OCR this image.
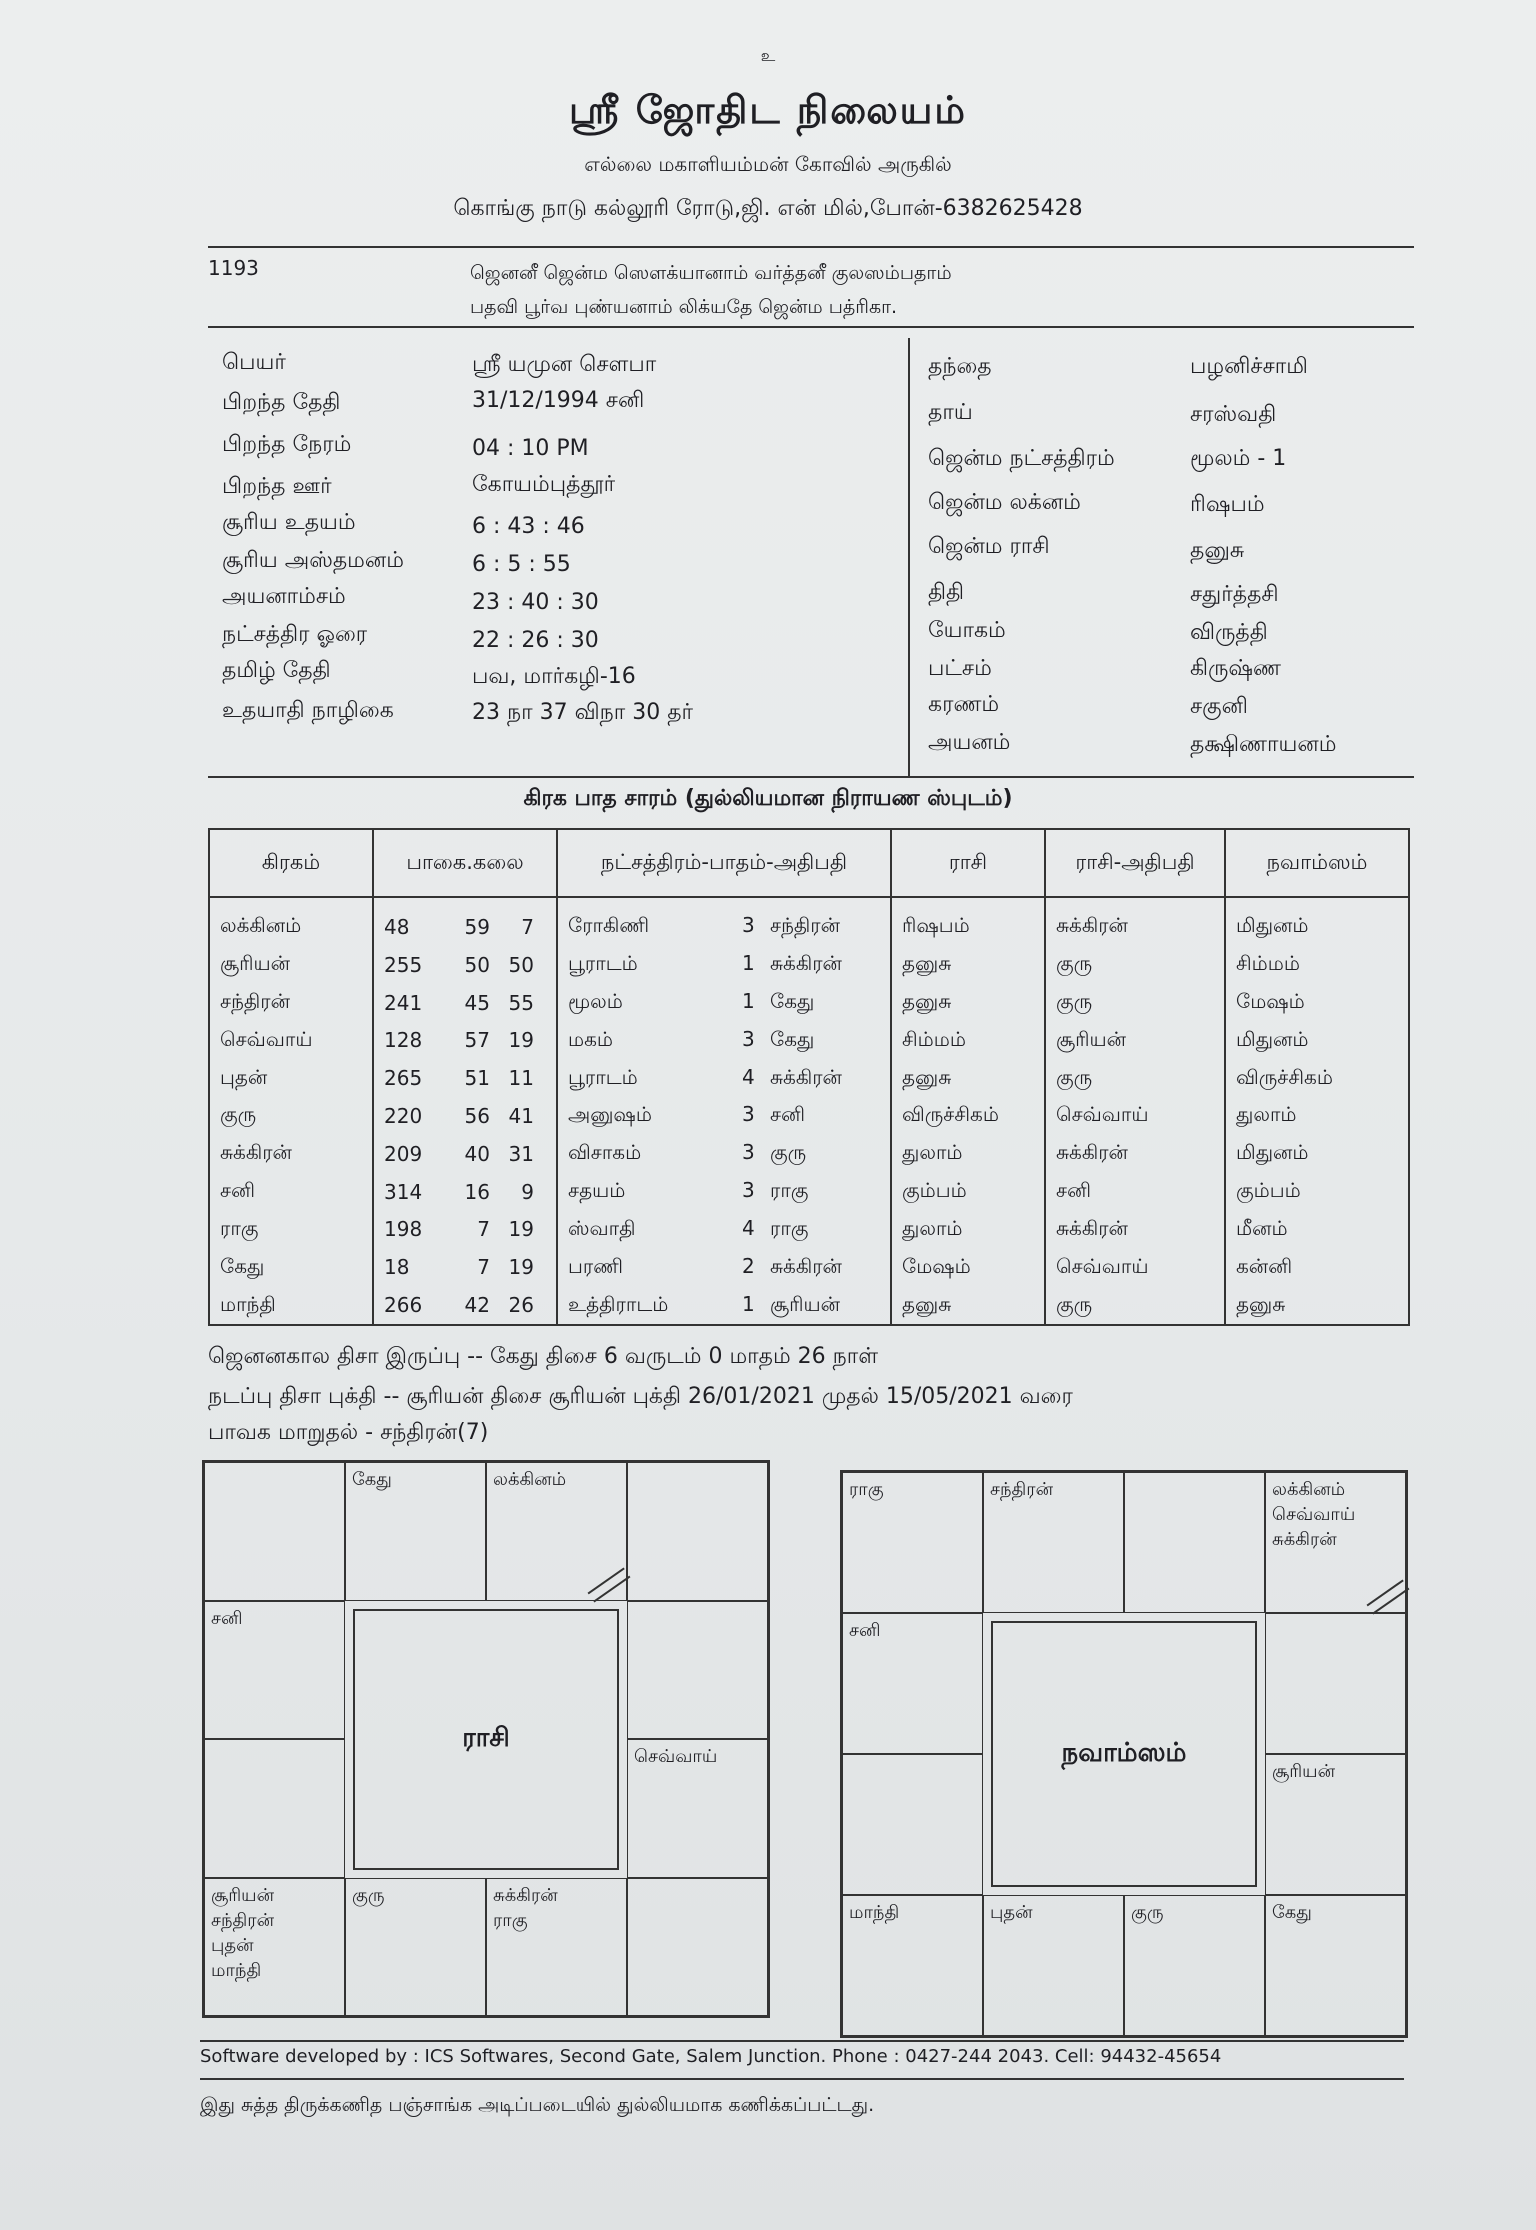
உ
ஸ்ரீ ஜோதிட நிலையம்
எல்லை மகாளியம்மன் கோவில் அருகில்
கொங்கு நாடு கல்லூரி ரோடு,ஜி. என் மில்,போன்-6382625428
1193	ஜெனனீ ஜென்ம ஸௌக்யானாம் வர்த்தனீ குலஸம்பதாம்
பதவி பூர்வ புண்யனாம் லிக்யதே ஜென்ம பத்ரிகா.
பெயர்	ஸ்ரீ யமுன சௌபா
பிறந்த தேதி	31/12/1994 சனி
பிறந்த நேரம்	04 : 10 PM
பிறந்த ஊர்	கோயம்புத்தூர்
சூரிய உதயம்	6 : 43 : 46
சூரிய அஸ்தமனம்	6 : 5 : 55
அயனாம்சம்	23 : 40 : 30
நட்சத்திர ஓரை	22 : 26 : 30
தமிழ் தேதி	பவ, மார்கழி-16
உதயாதி நாழிகை	23 நா 37 விநா 30 தர்
தந்தை	பழனிச்சாமி
தாய்	சரஸ்வதி
ஜென்ம நட்சத்திரம்	மூலம் - 1
ஜென்ம லக்னம்	ரிஷபம்
ஜென்ம ராசி	தனுசு
திதி	சதுர்த்தசி
யோகம்	விருத்தி
பட்சம்	கிருஷ்ண
கரணம்	சகுனி
அயனம்	தக்ஷிணாயனம்
கிரக பாத சாரம் (துல்லியமான நிராயண ஸ்புடம்)
கிரகம்	பாகை.கலை	நட்சத்திரம்-பாதம்-அதிபதி	ராசி	ராசி-அதிபதி	நவாம்ஸம்
லக்கினம்	48 59 7	ரோகிணி 3 சந்திரன்	ரிஷபம்	சுக்கிரன்	மிதுனம்
சூரியன்	255 50 50	பூராடம் 1 சுக்கிரன்	தனுசு	குரு	சிம்மம்
சந்திரன்	241 45 55	மூலம் 1 கேது	தனுசு	குரு	மேஷம்
செவ்வாய்	128 57 19	மகம் 3 கேது	சிம்மம்	சூரியன்	மிதுனம்
புதன்	265 51 11	பூராடம் 4 சுக்கிரன்	தனுசு	குரு	விருச்சிகம்
குரு	220 56 41	அனுஷம் 3 சனி	விருச்சிகம்	செவ்வாய்	துலாம்
சுக்கிரன்	209 40 31	விசாகம் 3 குரு	துலாம்	சுக்கிரன்	மிதுனம்
சனி	314 16 9	சதயம் 3 ராகு	கும்பம்	சனி	கும்பம்
ராகு	198 7 19	ஸ்வாதி 4 ராகு	துலாம்	சுக்கிரன்	மீனம்
கேது	18 7 19	பரணி 2 சுக்கிரன்	மேஷம்	செவ்வாய்	கன்னி
மாந்தி	266 42 26	உத்திராடம் 1 சூரியன்	தனுசு	குரு	தனுசு
ஜெனனகால திசா இருப்பு -- கேது திசை 6 வருடம் 0 மாதம் 26 நாள்
நடப்பு திசா புக்தி -- சூரியன் திசை சூரியன் புக்தி 26/01/2021 முதல் 15/05/2021 வரை
பாவக மாறுதல் - சந்திரன்(7)
கேது	லக்கினம்
சனி
செவ்வாய்
சூரியன்
சந்திரன்
புதன்
மாந்தி
குரு	சுக்கிரன்
ராகு
ராசி
ராகு	சந்திரன்	லக்கினம்
செவ்வாய்
சுக்கிரன்
சனி
சூரியன்
மாந்தி	புதன்	குரு	கேது
நவாம்ஸம்
Software developed by : ICS Softwares, Second Gate, Salem Junction. Phone : 0427-244 2043. Cell: 94432-45654
இது சுத்த திருக்கணித பஞ்சாங்க அடிப்படையில் துல்லியமாக கணிக்கப்பட்டது.
